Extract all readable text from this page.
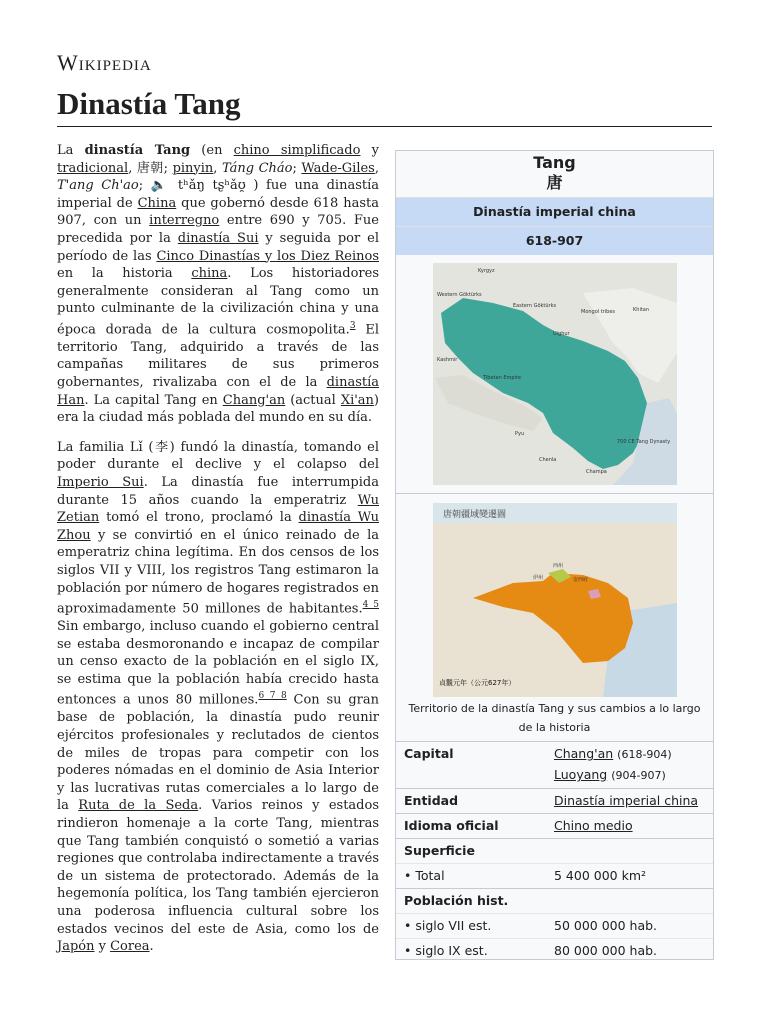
Wikipedia
Dinastía Tang

La dinastía Tang (en chino simplificado y tradicional, 唐朝; pinyin, Táng Cháo; Wade-Giles, T'ang Ch'ao; 🔈 tʰǎŋ tʂʰǎʊ̯ ) fue una dinastía imperial de China que gobernó desde 618 hasta 907, con un interregno entre 690 y 705. Fue precedida por la dinastía Sui y seguida por el período de las Cinco Dinastías y los Diez Reinos en la historia china. Los historiadores generalmente consideran al Tang como un punto culminante de la civilización china y una época dorada de la cultura cosmopolita.$^3$ El territorio Tang, adquirido a través de las campañas militares de sus primeros gobernantes, rivalizaba con el de la dinastía Han. La capital Tang en Chang'an (actual Xi'an) era la ciudad más poblada del mundo en su día.

La familia Lǐ (李) fundó la dinastía, tomando el poder durante el declive y el colapso del Imperio Sui. La dinastía fue interrumpida durante 15 años cuando la emperatriz Wu Zetian tomó el trono, proclamó la dinastía Wu Zhou y se convirtió en el único reinado de la emperatriz china legítima. En dos censos de los siglos VII y VIII, los registros Tang estimaron la población por número de hogares registrados en aproximadamente 50 millones de habitantes.$^{4 5}$ Sin embargo, incluso cuando el gobierno central se estaba desmoronando e incapaz de compilar un censo exacto de la población en el siglo IX, se estima que la población había crecido hasta entonces a unos 80 millones.$^{6 7 8}$ Con su gran base de población, la dinastía pudo reunir ejércitos profesionales y reclutados de cientos de miles de tropas para competir con los poderes nómadas en el dominio de Asia Interior y las lucrativas rutas comerciales a lo largo de la Ruta de la Seda. Varios reinos y estados rindieron homenaje a la corte Tang, mientras que Tang también conquistó o sometió a varias regiones que controlaba indirectamente a través de un sistema de protectorado. Además de la hegemonía política, los Tang también ejercieron una poderosa influencia cultural sobre los estados vecinos del este de Asia, como los de Japón y Corea.

Tang
唐
Dinastía imperial china
618-907
Kyrgyz
Western Göktürks
Eastern Göktürks
Mongol tribes	Khitan
Uighur
Kashmir
Tibetan Empire
Pyu
Chenla
Champa
700 CE Tang Dynasty
唐朝疆域變遷圖
伊州	安西府
西州
貞觀元年（公元627年）
Territorio de la dinastía Tang y sus cambios a lo largo de la historia
Capital	Chang'an (618-904)
Luoyang (904-907)
Entidad	Dinastía imperial china
Idioma oficial	Chino medio
Superficie
• Total	5 400 000 km²
Población hist.
• siglo VII est.	50 000 000 hab.
• siglo IX est.	80 000 000 hab.
